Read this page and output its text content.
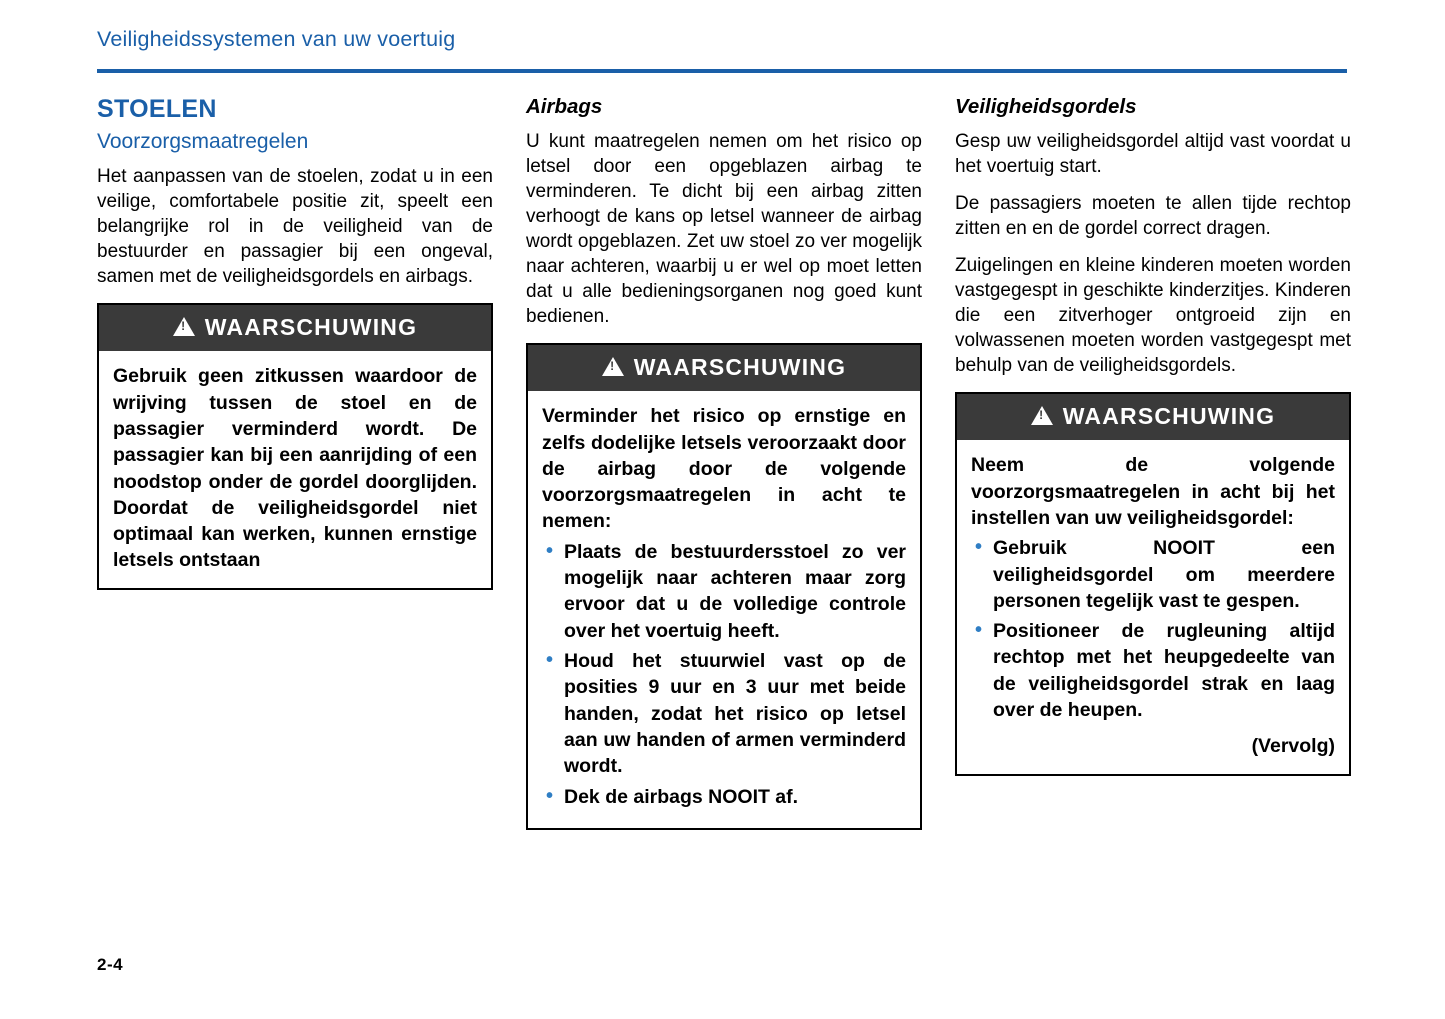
Veiligheidssystemen van uw voertuig
STOELEN
Voorzorgsmaatregelen

Het aanpassen van de stoelen, zodat u in een veilige, comfortabele positie zit, speelt een belangrijke rol in de veiligheid van de bestuurder en passagier bij een ongeval, samen met de veiligheidsgordels en airbags.

!
WAARSCHUWING

Gebruik geen zitkussen waardoor de wrijving tussen de stoel en de passagier verminderd wordt. De passagier kan bij een aanrijding of een noodstop onder de gordel doorglijden. Doordat de veiligheidsgordel niet optimaal kan werken, kunnen ernstige letsels ontstaan

Airbags

U kunt maatregelen nemen om het risico op letsel door een opgeblazen airbag te verminderen. Te dicht bij een airbag zitten verhoogt de kans op letsel wanneer de airbag wordt opgeblazen. Zet uw stoel zo ver mogelijk naar achteren, waarbij u er wel op moet letten dat u alle bedieningsorganen nog goed kunt bedienen.

!
WAARSCHUWING

Verminder het risico op ernstige en zelfs dodelijke letsels veroorzaakt door de airbag door de volgende voorzorgsmaatregelen in acht te nemen:

• Plaats de bestuurdersstoel zo ver mogelijk naar achteren maar zorg ervoor dat u de volledige controle over het voertuig heeft.
• Houd het stuurwiel vast op de posities 9 uur en 3 uur met beide handen, zodat het risico op letsel aan uw handen of armen verminderd wordt.
• Dek de airbags NOOIT af.
Veiligheidsgordels

Gesp uw veiligheidsgordel altijd vast voordat u het voertuig start.

De passagiers moeten te allen tijde rechtop zitten en en de gordel correct dragen.

Zuigelingen en kleine kinderen moeten worden vastgegespt in geschikte kinderzitjes. Kinderen die een zitverhoger ontgroeid zijn en volwassenen moeten worden vastgegespt met behulp van de veiligheidsgordels.

!
WAARSCHUWING

Neem de volgende voorzorgsmaatregelen in acht bij het instellen van uw veiligheidsgordel:

• Gebruik NOOIT een veiligheidsgordel om meerdere personen tegelijk vast te gespen.
• Positioneer de rugleuning altijd rechtop met het heupgedeelte van de veiligheidsgordel strak en laag over de heupen.
(Vervolg)
2-4
